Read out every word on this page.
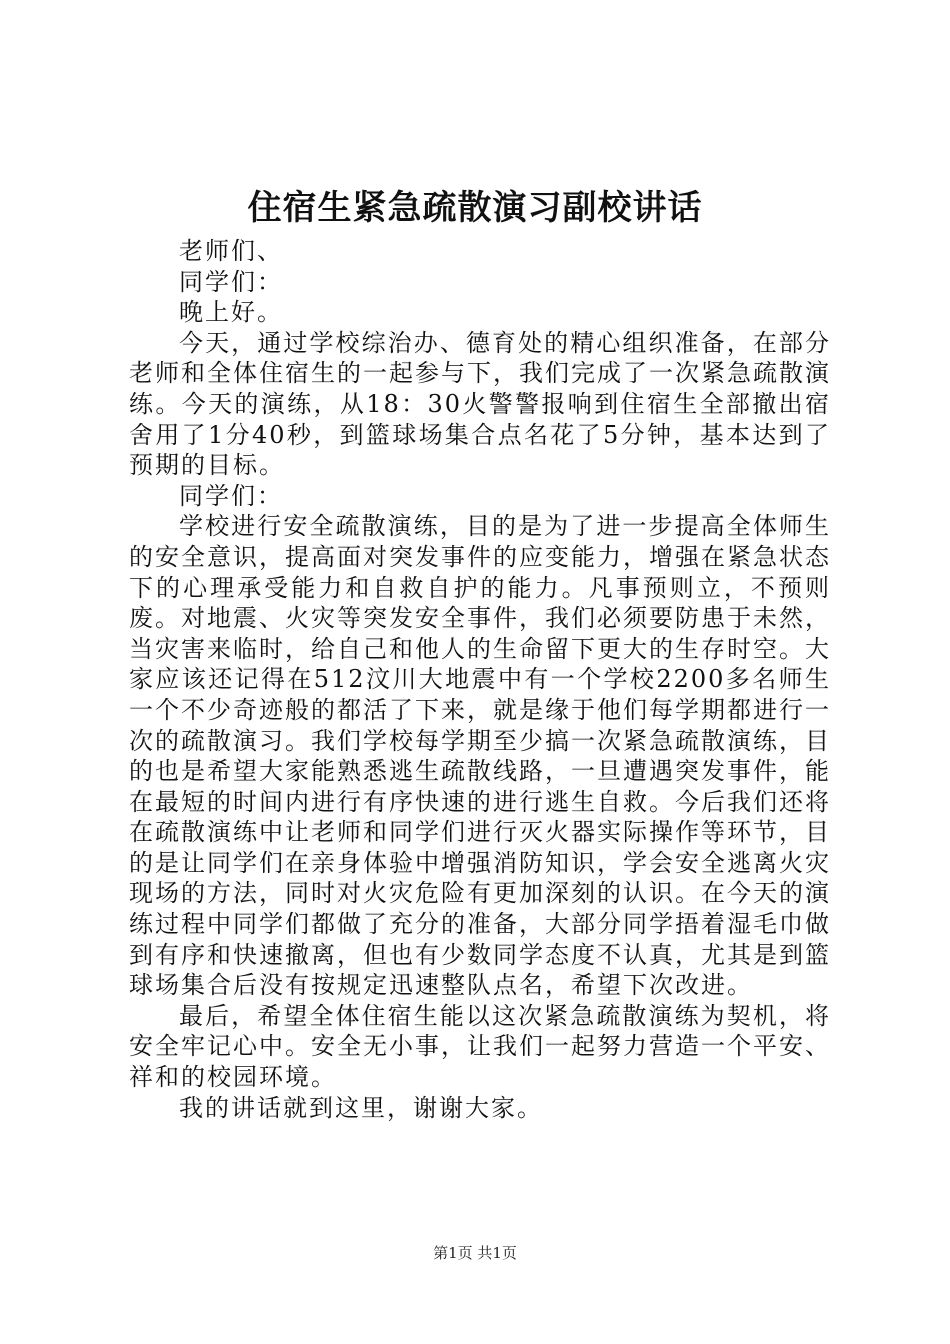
住宿生紧急疏散演习副校讲话

老师们、

同学们：

晚上好。

今天，通过学校综治办、德育处的精心组织准备，在部分老师和全体住宿生的一起参与下，我们完成了一次紧急疏散演练。今天的演练，从18：30火警警报响到住宿生全部撤出宿舍用了1分40秒，到篮球场集合点名花了5分钟，基本达到了预期的目标。

同学们：

学校进行安全疏散演练，目的是为了进一步提高全体师生的安全意识，提高面对突发事件的应变能力，增强在紧急状态下的心理承受能力和自救自护的能力。凡事预则立，不预则废。对地震、火灾等突发安全事件，我们必须要防患于未然，当灾害来临时，给自己和他人的生命留下更大的生存时空。大家应该还记得在512汶川大地震中有一个学校2200多名师生一个不少奇迹般的都活了下来，就是缘于他们每学期都进行一次的疏散演习。我们学校每学期至少搞一次紧急疏散演练，目的也是希望大家能熟悉逃生疏散线路，一旦遭遇突发事件，能在最短的时间内进行有序快速的进行逃生自救。今后我们还将在疏散演练中让老师和同学们进行灭火器实际操作等环节，目的是让同学们在亲身体验中增强消防知识，学会安全逃离火灾现场的方法，同时对火灾危险有更加深刻的认识。在今天的演练过程中同学们都做了充分的准备，大部分同学捂着湿毛巾做到有序和快速撤离，但也有少数同学态度不认真，尤其是到篮球场集合后没有按规定迅速整队点名，希望下次改进。

最后，希望全体住宿生能以这次紧急疏散演练为契机，将安全牢记心中。安全无小事，让我们一起努力营造一个平安、祥和的校园环境。

我的讲话就到这里，谢谢大家。

第1页 共1页
